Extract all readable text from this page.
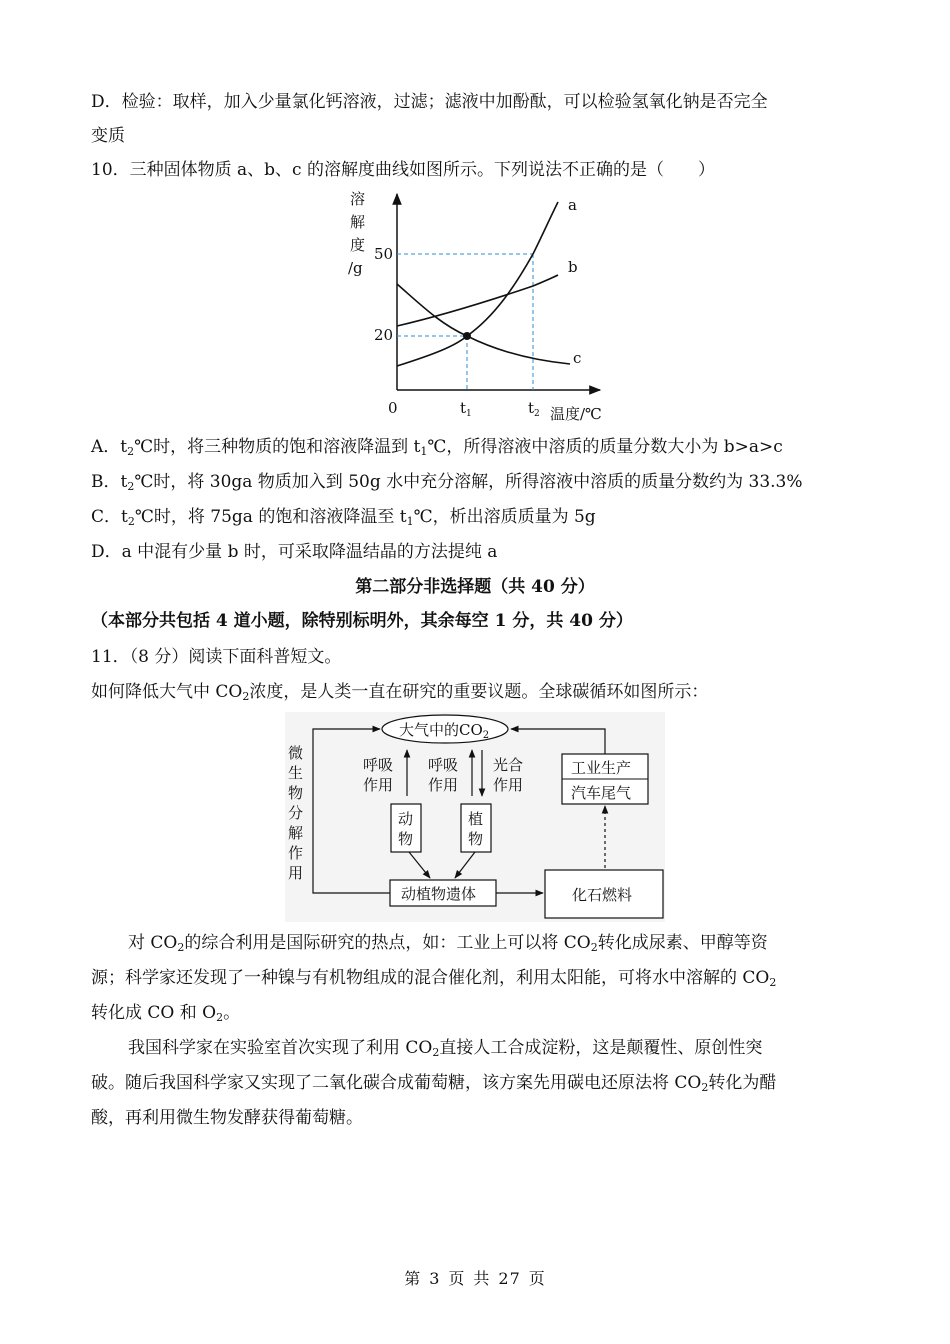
D．检验：取样，加入少量氯化钙溶液，过滤；滤液中加酚酞，可以检验氢氧化钠是否完全
变质
10．三种固体物质 a、b、c 的溶解度曲线如图所示。下列说法不正确的是（　　）
溶
解
度
/g
50
20
0	$t_1$	$t_2$ 温度/℃
a
b
c
A．$t_2℃$时，将三种物质的饱和溶液降温到 $t_1℃$，所得溶液中溶质的质量分数大小为 b>a>c
B．$t_2℃$时，将 30ga 物质加入到 50g 水中充分溶解，所得溶液中溶质的质量分数约为 33.3%
C．$t_2℃$时，将 75ga 的饱和溶液降温至 $t_1℃$，析出溶质质量为 5g
D．a 中混有少量 b 时，可采取降温结晶的方法提纯 a
第二部分非选择题（共 40 分）
（本部分共包括 4 道小题，除特别标明外，其余每空 1 分，共 40 分）
11．（8 分）阅读下面科普短文。
如何降低大气中 $CO_2$浓度，是人类一直在研究的重要议题。全球碳循环如图所示：
大气中的$CO_2$
微
生
物
分
解
作
用
呼吸
作用
呼吸
作用
光合
作用
工业生产
汽车尾气
动
物
植
物
动植物遗体	化石燃料
对 $CO_2$的综合利用是国际研究的热点，如：工业上可以将 $CO_2$转化成尿素、甲醇等资
源；科学家还发现了一种镍与有机物组成的混合催化剂，利用太阳能，可将水中溶解的 $CO_2$
转化成 CO 和 $O_2$。
我国科学家在实验室首次实现了利用 $CO_2$直接人工合成淀粉，这是颠覆性、原创性突
破。随后我国科学家又实现了二氧化碳合成葡萄糖，该方案先用碳电还原法将 $CO_2$转化为醋
酸，再利用微生物发酵获得葡萄糖。
第 3 页 共 27 页
